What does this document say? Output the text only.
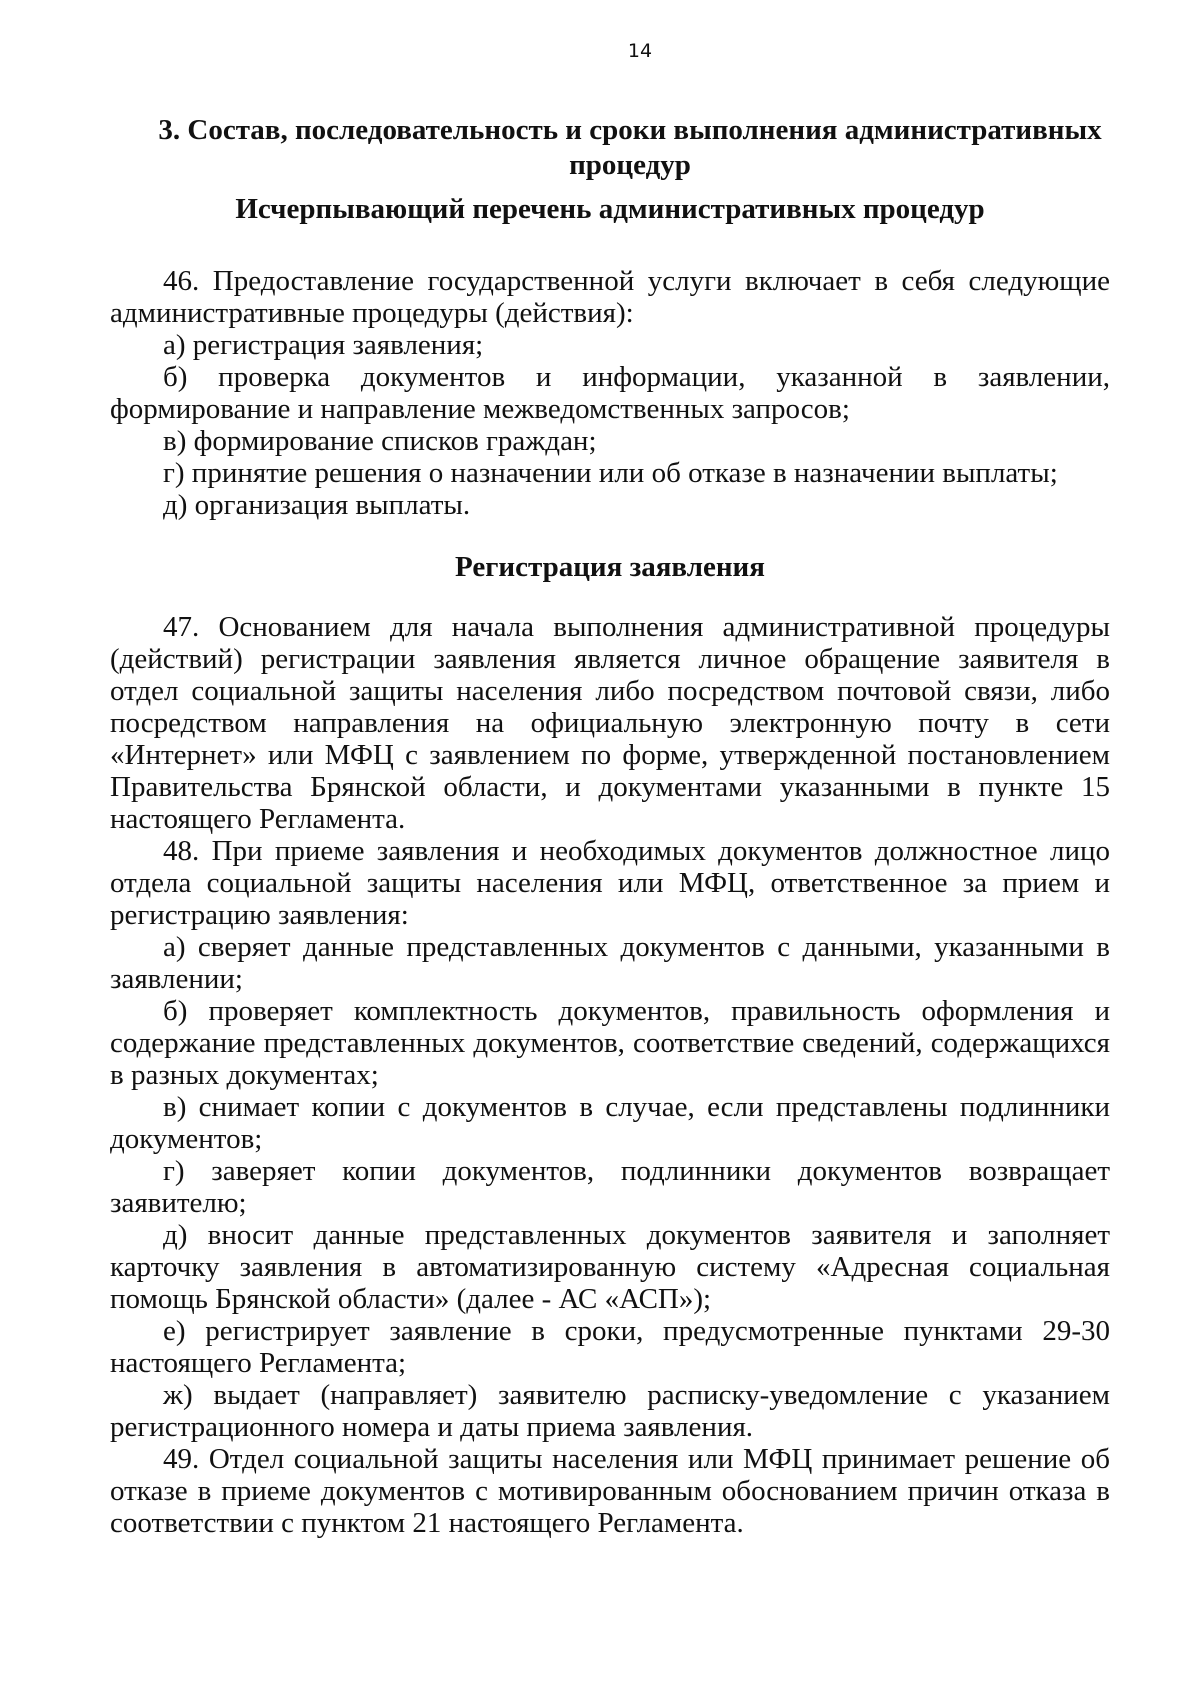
14
3. Состав, последовательность и сроки выполнения административных процедур
Исчерпывающий перечень административных процедур

46. Предоставление государственной услуги включает в себя следующие административные процедуры (действия):

а) регистрация заявления;
б) проверка документов и информации, указанной в заявлении, формирование и направление межведомственных запросов;
в) формирование списков граждан;
г) принятие решения о назначении или об отказе в назначении выплаты;
д) организация выплаты.
Регистрация заявления

47. Основанием для начала выполнения административной процедуры (действий) регистрации заявления является личное обращение заявителя в отдел социальной защиты населения либо посредством почтовой связи, либо посредством направления на официальную электронную почту в сети «Интернет» или МФЦ с заявлением по форме, утвержденной постановлением Правительства Брянской области, и документами указанными в пункте 15 настоящего Регламента.

48. При приеме заявления и необходимых документов должностное лицо отдела социальной защиты населения или МФЦ, ответственное за прием и регистрацию заявления:

а) сверяет данные представленных документов с данными, указанными в заявлении;
б) проверяет комплектность документов, правильность оформления и содержание представленных документов, соответствие сведений, содержащихся в разных документах;
в) снимает копии с документов в случае, если представлены подлинники документов;
г) заверяет копии документов, подлинники документов возвращает заявителю;
д) вносит данные представленных документов заявителя и заполняет карточку заявления в автоматизированную систему «Адресная социальная помощь Брянской области» (далее - АС «АСП»);
е) регистрирует заявление в сроки, предусмотренные пунктами 29-30 настоящего Регламента;
ж) выдает (направляет) заявителю расписку-уведомление с указанием регистрационного номера и даты приема заявления.

49. Отдел социальной защиты населения или МФЦ принимает решение об отказе в приеме документов с мотивированным обоснованием причин отказа в соответствии с пунктом 21 настоящего Регламента.
